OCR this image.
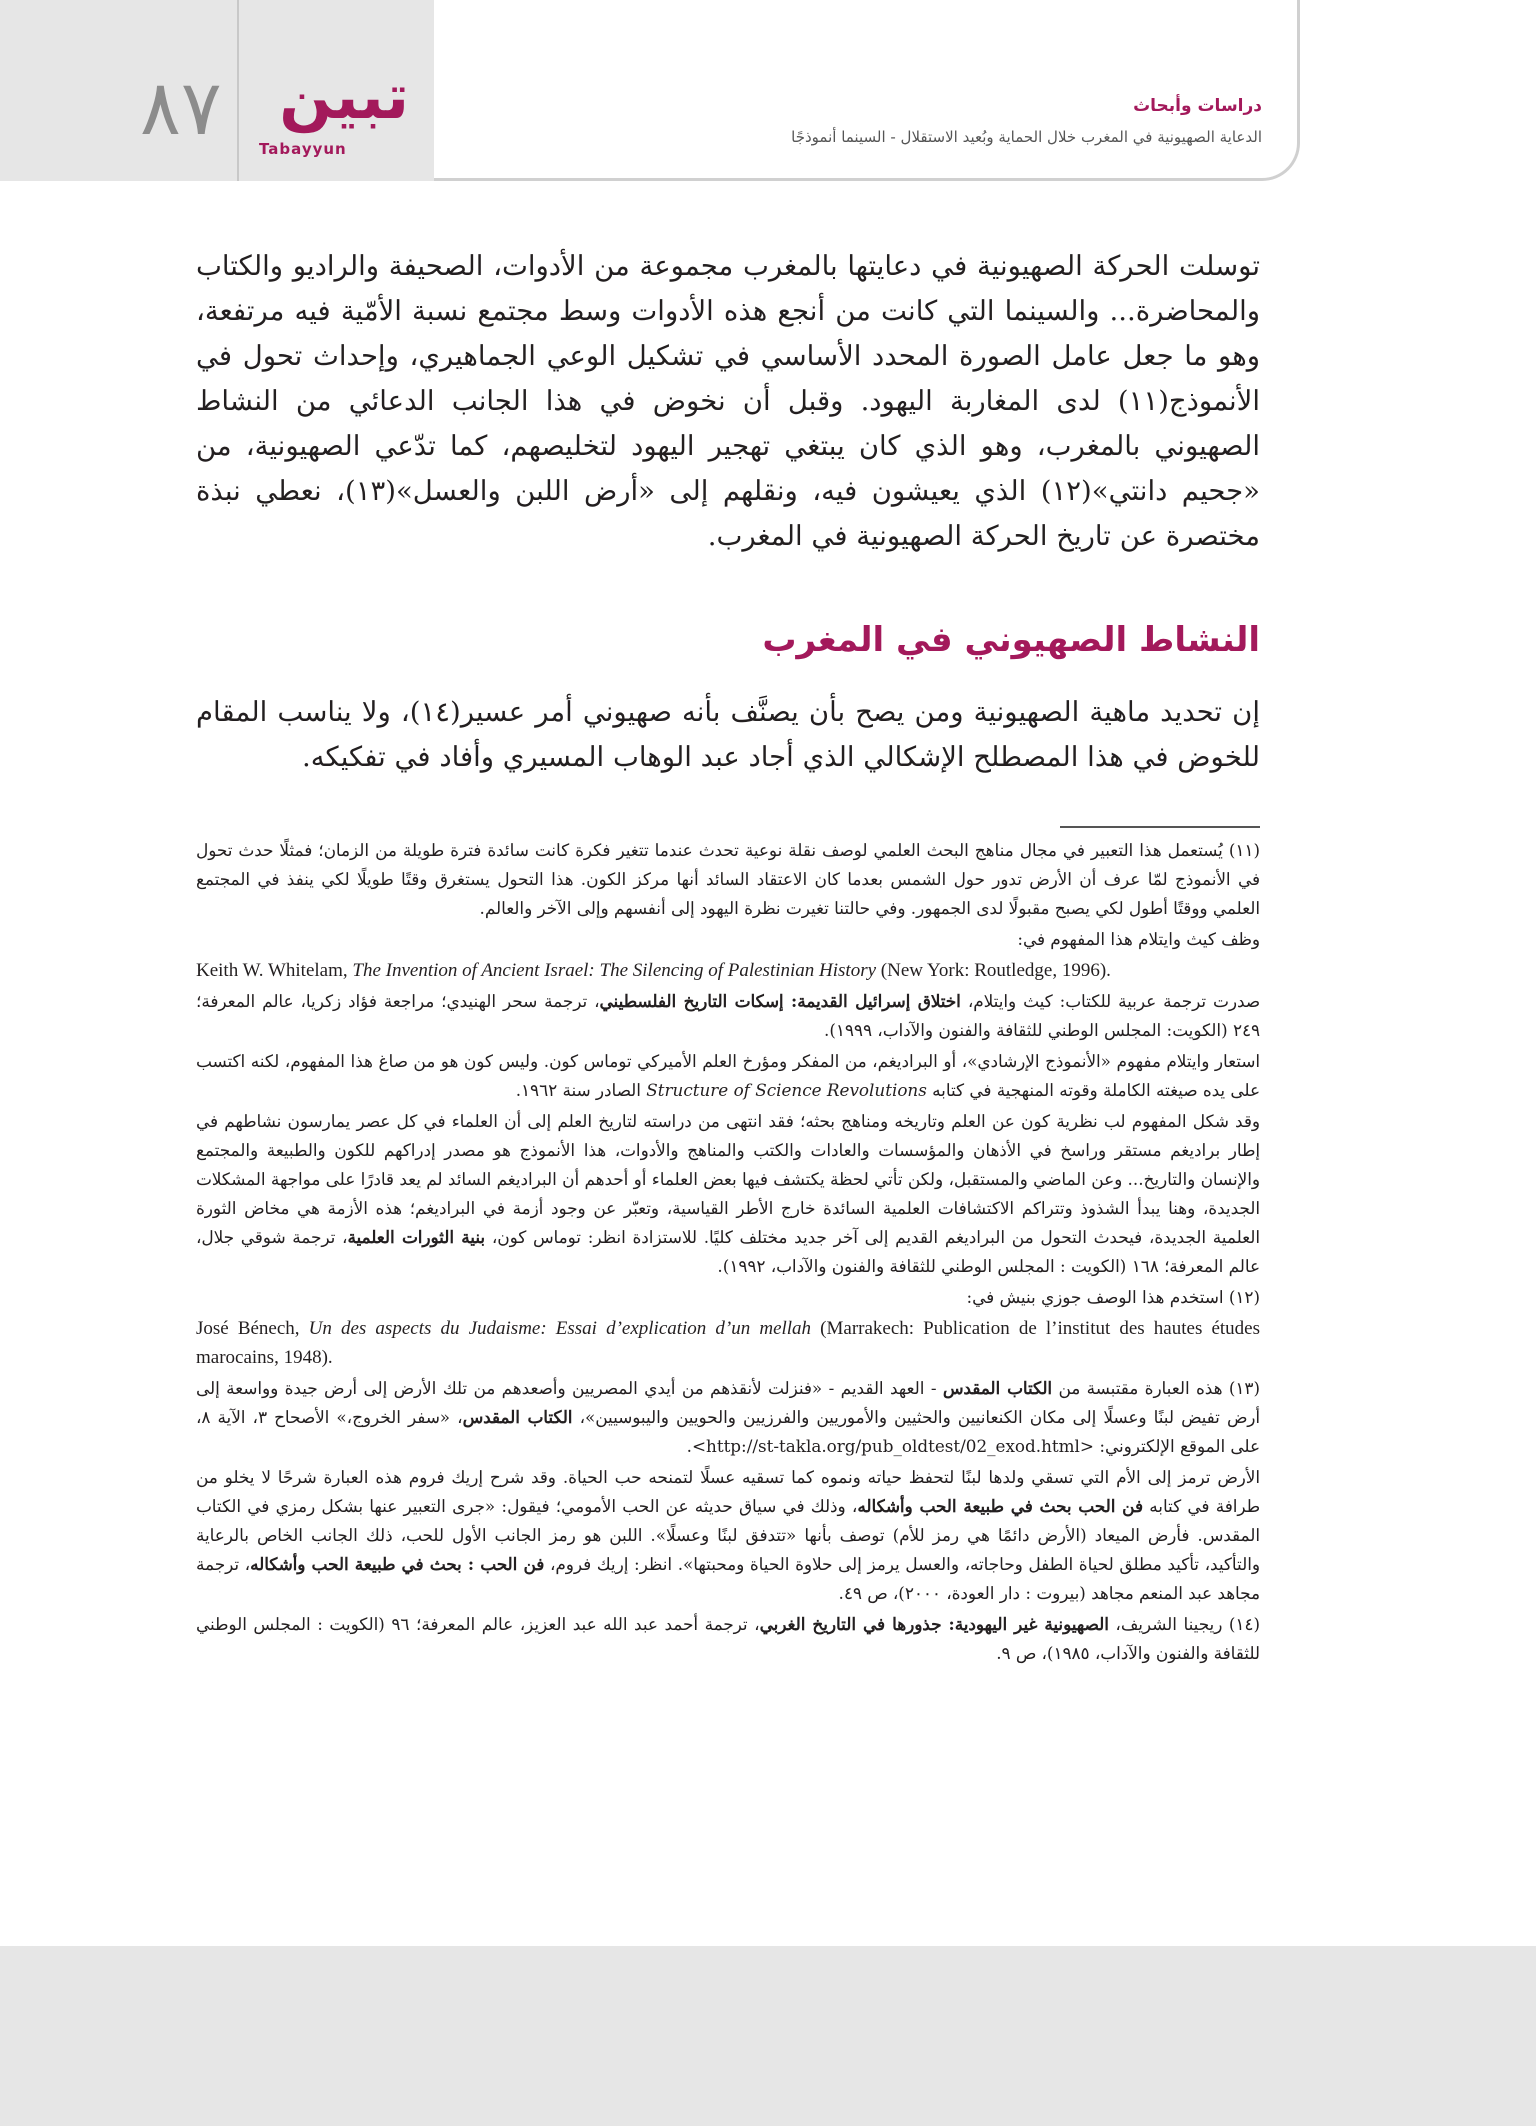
٨٧ تبين
Tabayyun
دراسات وأبحاث
الدعاية الصهيونية في المغرب خلال الحماية وبُعيد الاستقلال - السينما أنموذجًا

توسلت الحركة الصهيونية في دعايتها بالمغرب مجموعة من الأدوات، الصحيفة والراديو والكتاب والمحاضرة... والسينما التي كانت من أنجع هذه الأدوات وسط مجتمع نسبة الأمّية فيه مرتفعة، وهو ما جعل عامل الصورة المحدد الأساسي في تشكيل الوعي الجماهيري، وإحداث تحول في الأنموذج(١١) لدى المغاربة اليهود. وقبل أن نخوض في هذا الجانب الدعائي من النشاط الصهيوني بالمغرب، وهو الذي كان يبتغي تهجير اليهود لتخليصهم، كما تدّعي الصهيونية، من «جحيم دانتي»(١٢) الذي يعيشون فيه، ونقلهم إلى «أرض اللبن والعسل»(١٣)، نعطي نبذة مختصرة عن تاريخ الحركة الصهيونية في المغرب.

النشاط الصهيوني في المغرب

إن تحديد ماهية الصهيونية ومن يصح بأن يصنَّف بأنه صهيوني أمر عسير(١٤)، ولا يناسب المقام للخوض في هذا المصطلح الإشكالي الذي أجاد عبد الوهاب المسيري وأفاد في تفكيكه.

(١١) يُستعمل هذا التعبير في مجال مناهج البحث العلمي لوصف نقلة نوعية تحدث عندما تتغير فكرة كانت سائدة فترة طويلة من الزمان؛ فمثلًا حدث تحول في الأنموذج لمّا عرف أن الأرض تدور حول الشمس بعدما كان الاعتقاد السائد أنها مركز الكون. هذا التحول يستغرق وقتًا طويلًا لكي ينفذ في المجتمع العلمي ووقتًا أطول لكي يصبح مقبولًا لدى الجمهور. وفي حالتنا تغيرت نظرة اليهود إلى أنفسهم وإلى الآخر والعالم.

وظف كيث وايتلام هذا المفهوم في:

Keith W. Whitelam, The Invention of Ancient Israel: The Silencing of Palestinian History (New York: Routledge, 1996).

صدرت ترجمة عربية للكتاب: كيث وايتلام، اختلاق إسرائيل القديمة: إسكات التاريخ الفلسطيني، ترجمة سحر الهنيدي؛ مراجعة فؤاد زكريا، عالم المعرفة؛ ٢٤٩ (الكويت: المجلس الوطني للثقافة والفنون والآداب، ١٩٩٩).

استعار وايتلام مفهوم «الأنموذج الإرشادي»، أو البراديغم، من المفكر ومؤرخ العلم الأميركي توماس كون. وليس كون هو من صاغ هذا المفهوم، لكنه اكتسب على يده صيغته الكاملة وقوته المنهجية في كتابه Structure of Science Revolutions الصادر سنة ١٩٦٢.

وقد شكل المفهوم لب نظرية كون عن العلم وتاريخه ومناهج بحثه؛ فقد انتهى من دراسته لتاريخ العلم إلى أن العلماء في كل عصر يمارسون نشاطهم في إطار براديغم مستقر وراسخ في الأذهان والمؤسسات والعادات والكتب والمناهج والأدوات، هذا الأنموذج هو مصدر إدراكهم للكون والطبيعة والمجتمع والإنسان والتاريخ... وعن الماضي والمستقبل، ولكن تأتي لحظة يكتشف فيها بعض العلماء أو أحدهم أن البراديغم السائد لم يعد قادرًا على مواجهة المشكلات الجديدة، وهنا يبدأ الشذوذ وتتراكم الاكتشافات العلمية السائدة خارج الأطر القياسية، وتعبّر عن وجود أزمة في البراديغم؛ هذه الأزمة هي مخاض الثورة العلمية الجديدة، فيحدث التحول من البراديغم القديم إلى آخر جديد مختلف كليًا. للاستزادة انظر: توماس كون، بنية الثورات العلمية، ترجمة شوقي جلال، عالم المعرفة؛ ١٦٨ (الكويت : المجلس الوطني للثقافة والفنون والآداب، ١٩٩٢).

(١٢) استخدم هذا الوصف جوزي بنيش في:

José Bénech, Un des aspects du Judaisme: Essai d’explication d’un mellah (Marrakech: Publication de l’institut des hautes études marocains, 1948).

(١٣) هذه العبارة مقتبسة من الكتاب المقدس - العهد القديم - «فنزلت لأنقذهم من أيدي المصريين وأصعدهم من تلك الأرض إلى أرض جيدة وواسعة إلى أرض تفيض لبنًا وعسلًا إلى مكان الكنعانيين والحثيين والأموريين والفرزيين والحويين واليبوسيين»، الكتاب المقدس، «سفر الخروج،» الأصحاح ٣، الآية ٨، على الموقع الإلكتروني: <http://st-takla.org/pub_oldtest/02_exod.html>.

الأرض ترمز إلى الأم التي تسقي ولدها لبنًا لتحفظ حياته ونموه كما تسقيه عسلًا لتمنحه حب الحياة. وقد شرح إريك فروم هذه العبارة شرحًا لا يخلو من طرافة في كتابه فن الحب بحث في طبيعة الحب وأشكاله، وذلك في سياق حديثه عن الحب الأمومي؛ فيقول: «جرى التعبير عنها بشكل رمزي في الكتاب المقدس. فأرض الميعاد (الأرض دائمًا هي رمز للأم) توصف بأنها «تتدفق لبنًا وعسلًا». اللبن هو رمز الجانب الأول للحب، ذلك الجانب الخاص بالرعاية والتأكيد، تأكيد مطلق لحياة الطفل وحاجاته، والعسل يرمز إلى حلاوة الحياة ومحبتها». انظر: إريك فروم، فن الحب : بحث في طبيعة الحب وأشكاله، ترجمة مجاهد عبد المنعم مجاهد (بيروت : دار العودة، ٢٠٠٠)، ص ٤٩.

(١٤) ريجينا الشريف، الصهيونية غير اليهودية: جذورها في التاريخ الغربي، ترجمة أحمد عبد الله عبد العزيز، عالم المعرفة؛ ٩٦ (الكويت : المجلس الوطني للثقافة والفنون والآداب، ١٩٨٥)، ص ٩.
